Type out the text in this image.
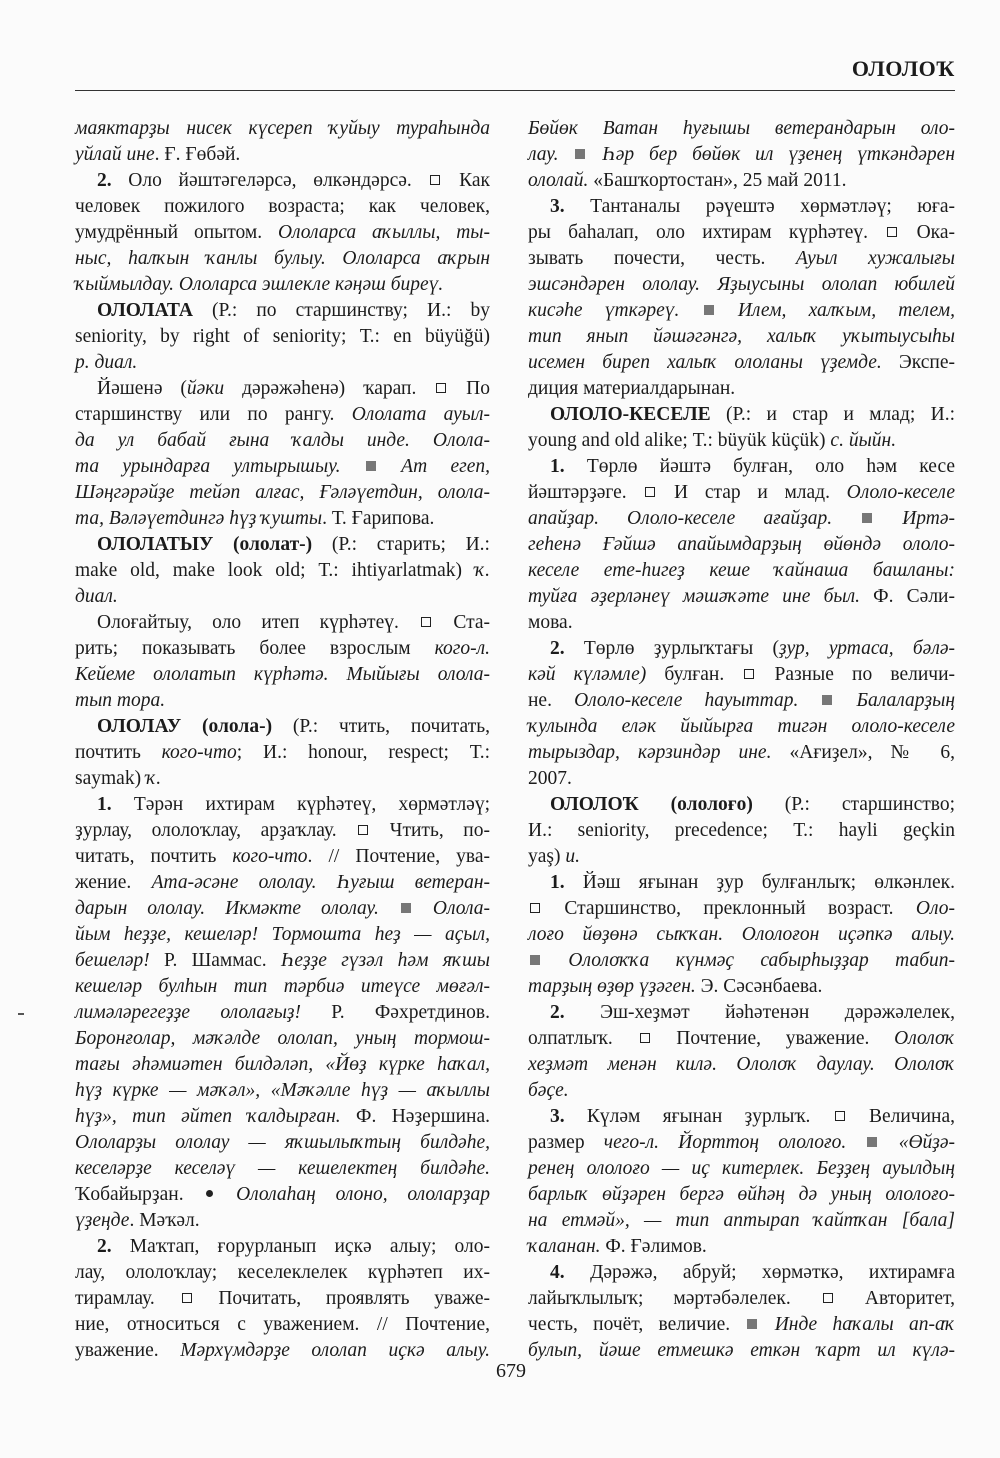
ОЛОЛОҠ
маяктарҙы нисек күсереп ҡуйыу тураһында
уйлай ине. Ғ. Ғөбәй.
2. Оло йәштәгеләрсә, өлкәндәрсә.  Как
человек пожилого возраста; как человек,
умудрённый опытом. Ололарса аҡыллы, ты-
ныс, һалҡын ҡанлы булыу. Ололарса аҡрын
ҡыймылдау. Ололарса эшлекле кәңәш биреү.
ОЛОЛАТА (Р.: по старшинству; И.: by
seniority, by right of seniority; Т.: en büyüğü)
р. диал.
Йәшенә (йәки дәрәжәһенә) ҡарап.  По
старшинству или по рангу. Ололата ауыл-
да ул бабай ғына ҡалды инде. Олола-
та урындарға ултырышыу.	Ат егеп,
Шәңгәрәйҙе тейәп алғас, Ғәләүетдин, олола-
та, Вәләүетдингә һүҙ ҡушты. Т. Ғарипова.
ОЛОЛАТЫУ (ололат-) (Р.: старить; И.:
make old, make look old; Т.: ihtiyarlatmak) ҡ.
диал.
Олоғайтыу, оло итеп күрһәтеү.  Ста-
рить; показывать более взрослым кого-л.
Кейеме ололатып күрһәтә. Мыйығы олола-
тып тора.
ОЛОЛАУ (олола-) (Р.: чтить, почитать,
почтить кого-что; И.: honour, respect; Т.:
saymak) ҡ.
1. Тәрән ихтирам күрһәтеү, хөрмәтләү;
ҙурлау, ололоҡлау, арҙаҡлау.  Чтить, по-
читать, почтить кого-что. // Почтение, ува-
жение. Ата-әсәне ололау. Һуғыш ветеран-
дарын ололау. Икмәкте ололау.	Олола-
йым һеҙҙе, кешеләр! Тормошта һеҙ — аҫыл,
бешеләр! Р. Шаммас. Һеҙҙе гүзәл һәм яҡшы
кешеләр булһын тип тәрбиә итеүсе мөғәл-
лимәләрегеҙҙе ололағыҙ! Р. Фәхретдинов.
Боронғолар, мәҡәлде ололап, уның тормош-
тағы әһәмиәтен билдәләп, «Йөҙ күрке һаҡал,
һүҙ күрке — мәҡәл», «Мәҡәлле һүҙ — аҡыллы
һүҙ», тип әйтеп ҡалдырған. Ф. Нәҙершина.
Ололарҙы ололау — яҡшылыҡтың билдәһе,
кеселәрҙе кеселәү — кешелектең билдәһе.
Ҡобайырҙан.  Ололаһаң олоно, ололарҙар
үҙеңде. Мәҡәл.
2. Маҡтап, ғорурланып иҫкә алыу; оло-
лау, ололоҡлау; кеселеклелек күрһәтеп их-
тирамлау.  Почитать, проявлять уваже-
ние, относиться с уважением. // Почтение,
уважение. Мәрхүмдәрҙе ололап иҫкә алыу.
Бөйөк Ватан һуғышы ветерандарын оло-
лау. Һәр бер бөйөк ил үҙенең үткәндәрен
ололай. «Башҡортостан», 25 май 2011.
3. Тантаналы рәүештә хөрмәтләү; юға-
ры баһалап, оло ихтирам күрһәтеү.  Ока-
зывать почести, честь. Ауыл хужалығы
эшсәндәрен ололау. Яҙыусыны ололап юбилей
кисәһе үткәреү.	Илем, халҡым, телем,
тип янып йәшәгәнгә, халыҡ уҡытыусыһы
исемен биреп халыҡ ололаны үҙемде. Экспе-
диция материалдарынан.
ОЛОЛО-КЕСЕЛЕ (Р.: и стар и млад; И.:
young and old alike; Т.: büyük küçük) с. йыйн.
1. Төрлө йәштә булған, оло һәм кесе
йәштәрҙәге.  И стар и млад. Ололо-кеселе
апайҙар. Ололо-кеселе ағайҙар.	Иртә-
геһенә Ғәйшә апайымдарҙың өйөндә ололо-
кеселе ете-һигеҙ кеше ҡайнаша башланы:
туйға әҙерләнеү мәшәҡәте ине был. Ф. Сәли-
мова.
2. Төрлө ҙурлыҡтағы (ҙур, уртаса, бәлә-
кәй күләмле) булған.  Разные по величи-
не. Ололо-кеселе һауыттар.	Балаларҙың
ҡулында еләк йыйырға тигән ололо-кеселе
тырыздар, кәрзиндәр ине. «Ағиҙел», № 6,
2007.
ОЛОЛОҠ (ололоғо) (Р.: старшинство;
И.: seniority, precedence; Т.: hayli geçkin
yaş) и.
1. Йәш яғынан ҙур булғанлыҡ; өлкәнлек.
Старшинство, преклонный возраст. Оло-
лоғо йөҙөнә сыҡҡан. Ололоғон иҫәпкә алыу.
Ололоҡҡа күнмәҫ сабырһыҙҙар табип-
тарҙың өҙөр үҙәген. Э. Сәсәнбаева.
2. Эш-хеҙмәт йәһәтенән дәрәжәлелек,
олпатлыҡ.  Почтение, уважение. Ололоҡ
хеҙмәт менән килә. Ололоҡ даулау. Ололоҡ
бәҫе.
3. Күләм яғынан ҙурлыҡ.  Величина,
размер чего-л. Йорттоң ололоғо.	«Өйҙә-
ренең ололоғо — иҫ китерлек. Беҙҙең ауылдың
барлыҡ өйҙәрен бергә өйһәң дә уның ололоғо-
на етмәй», — тип аптырап ҡайтҡан [бала]
ҡаланан. Ф. Ғәлимов.
4. Дәрәжә, абруй; хөрмәткә, ихтирамға
лайыҡлылыҡ; мәртәбәлелек.  Авторитет,
честь, почёт, величие.  Инде һаҡалы ап-аҡ
булып, йәше етмешкә еткән ҡарт ил күлә-
679
